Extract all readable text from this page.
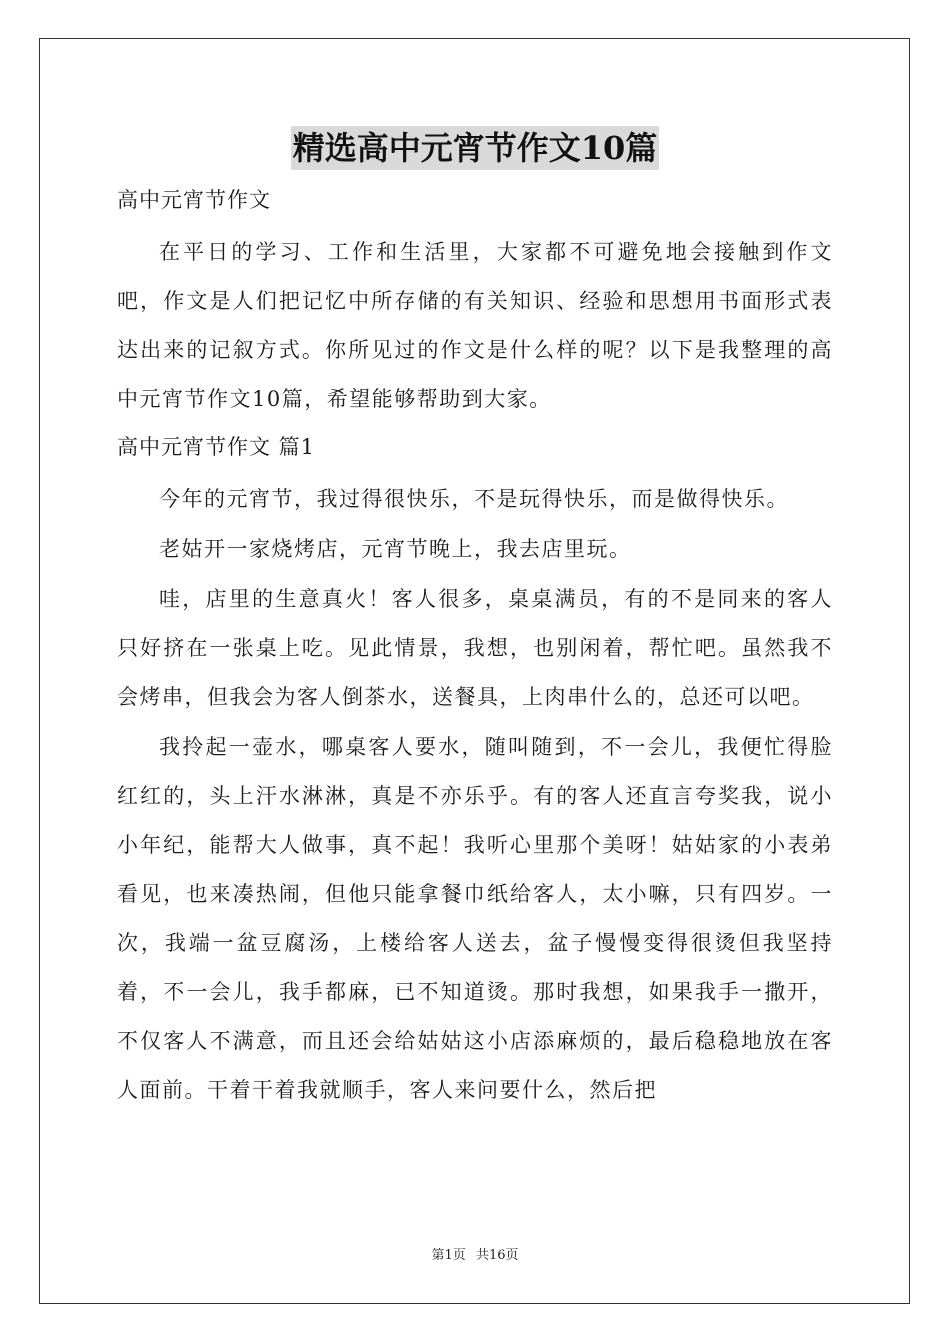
精选高中元宵节作文10篇
高中元宵节作文

在平日的学习、工作和生活里，大家都不可避免地会接触到作文吧，作文是人们把记忆中所存储的有关知识、经验和思想用书面形式表达出来的记叙方式。你所见过的作文是什么样的呢？以下是我整理的高中元宵节作文10篇，希望能够帮助到大家。

高中元宵节作文 篇1

今年的元宵节，我过得很快乐，不是玩得快乐，而是做得快乐。

老姑开一家烧烤店，元宵节晚上，我去店里玩。

哇，店里的生意真火！客人很多，桌桌满员，有的不是同来的客人只好挤在一张桌上吃。见此情景，我想，也别闲着，帮忙吧。虽然我不会烤串，但我会为客人倒茶水，送餐具，上肉串什么的，总还可以吧。

我拎起一壶水，哪桌客人要水，随叫随到，不一会儿，我便忙得脸红红的，头上汗水淋淋，真是不亦乐乎。有的客人还直言夸奖我，说小小年纪，能帮大人做事，真不起！我听心里那个美呀！姑姑家的小表弟看见，也来凑热闹，但他只能拿餐巾纸给客人，太小嘛，只有四岁。一次，我端一盆豆腐汤，上楼给客人送去，盆子慢慢变得很烫但我坚持着，不一会儿，我手都麻，已不知道烫。那时我想，如果我手一撒开，不仅客人不满意，而且还会给姑姑这小店添麻烦的，最后稳稳地放在客人面前。干着干着我就顺手，客人来问要什么，然后把

第1页 共16页
